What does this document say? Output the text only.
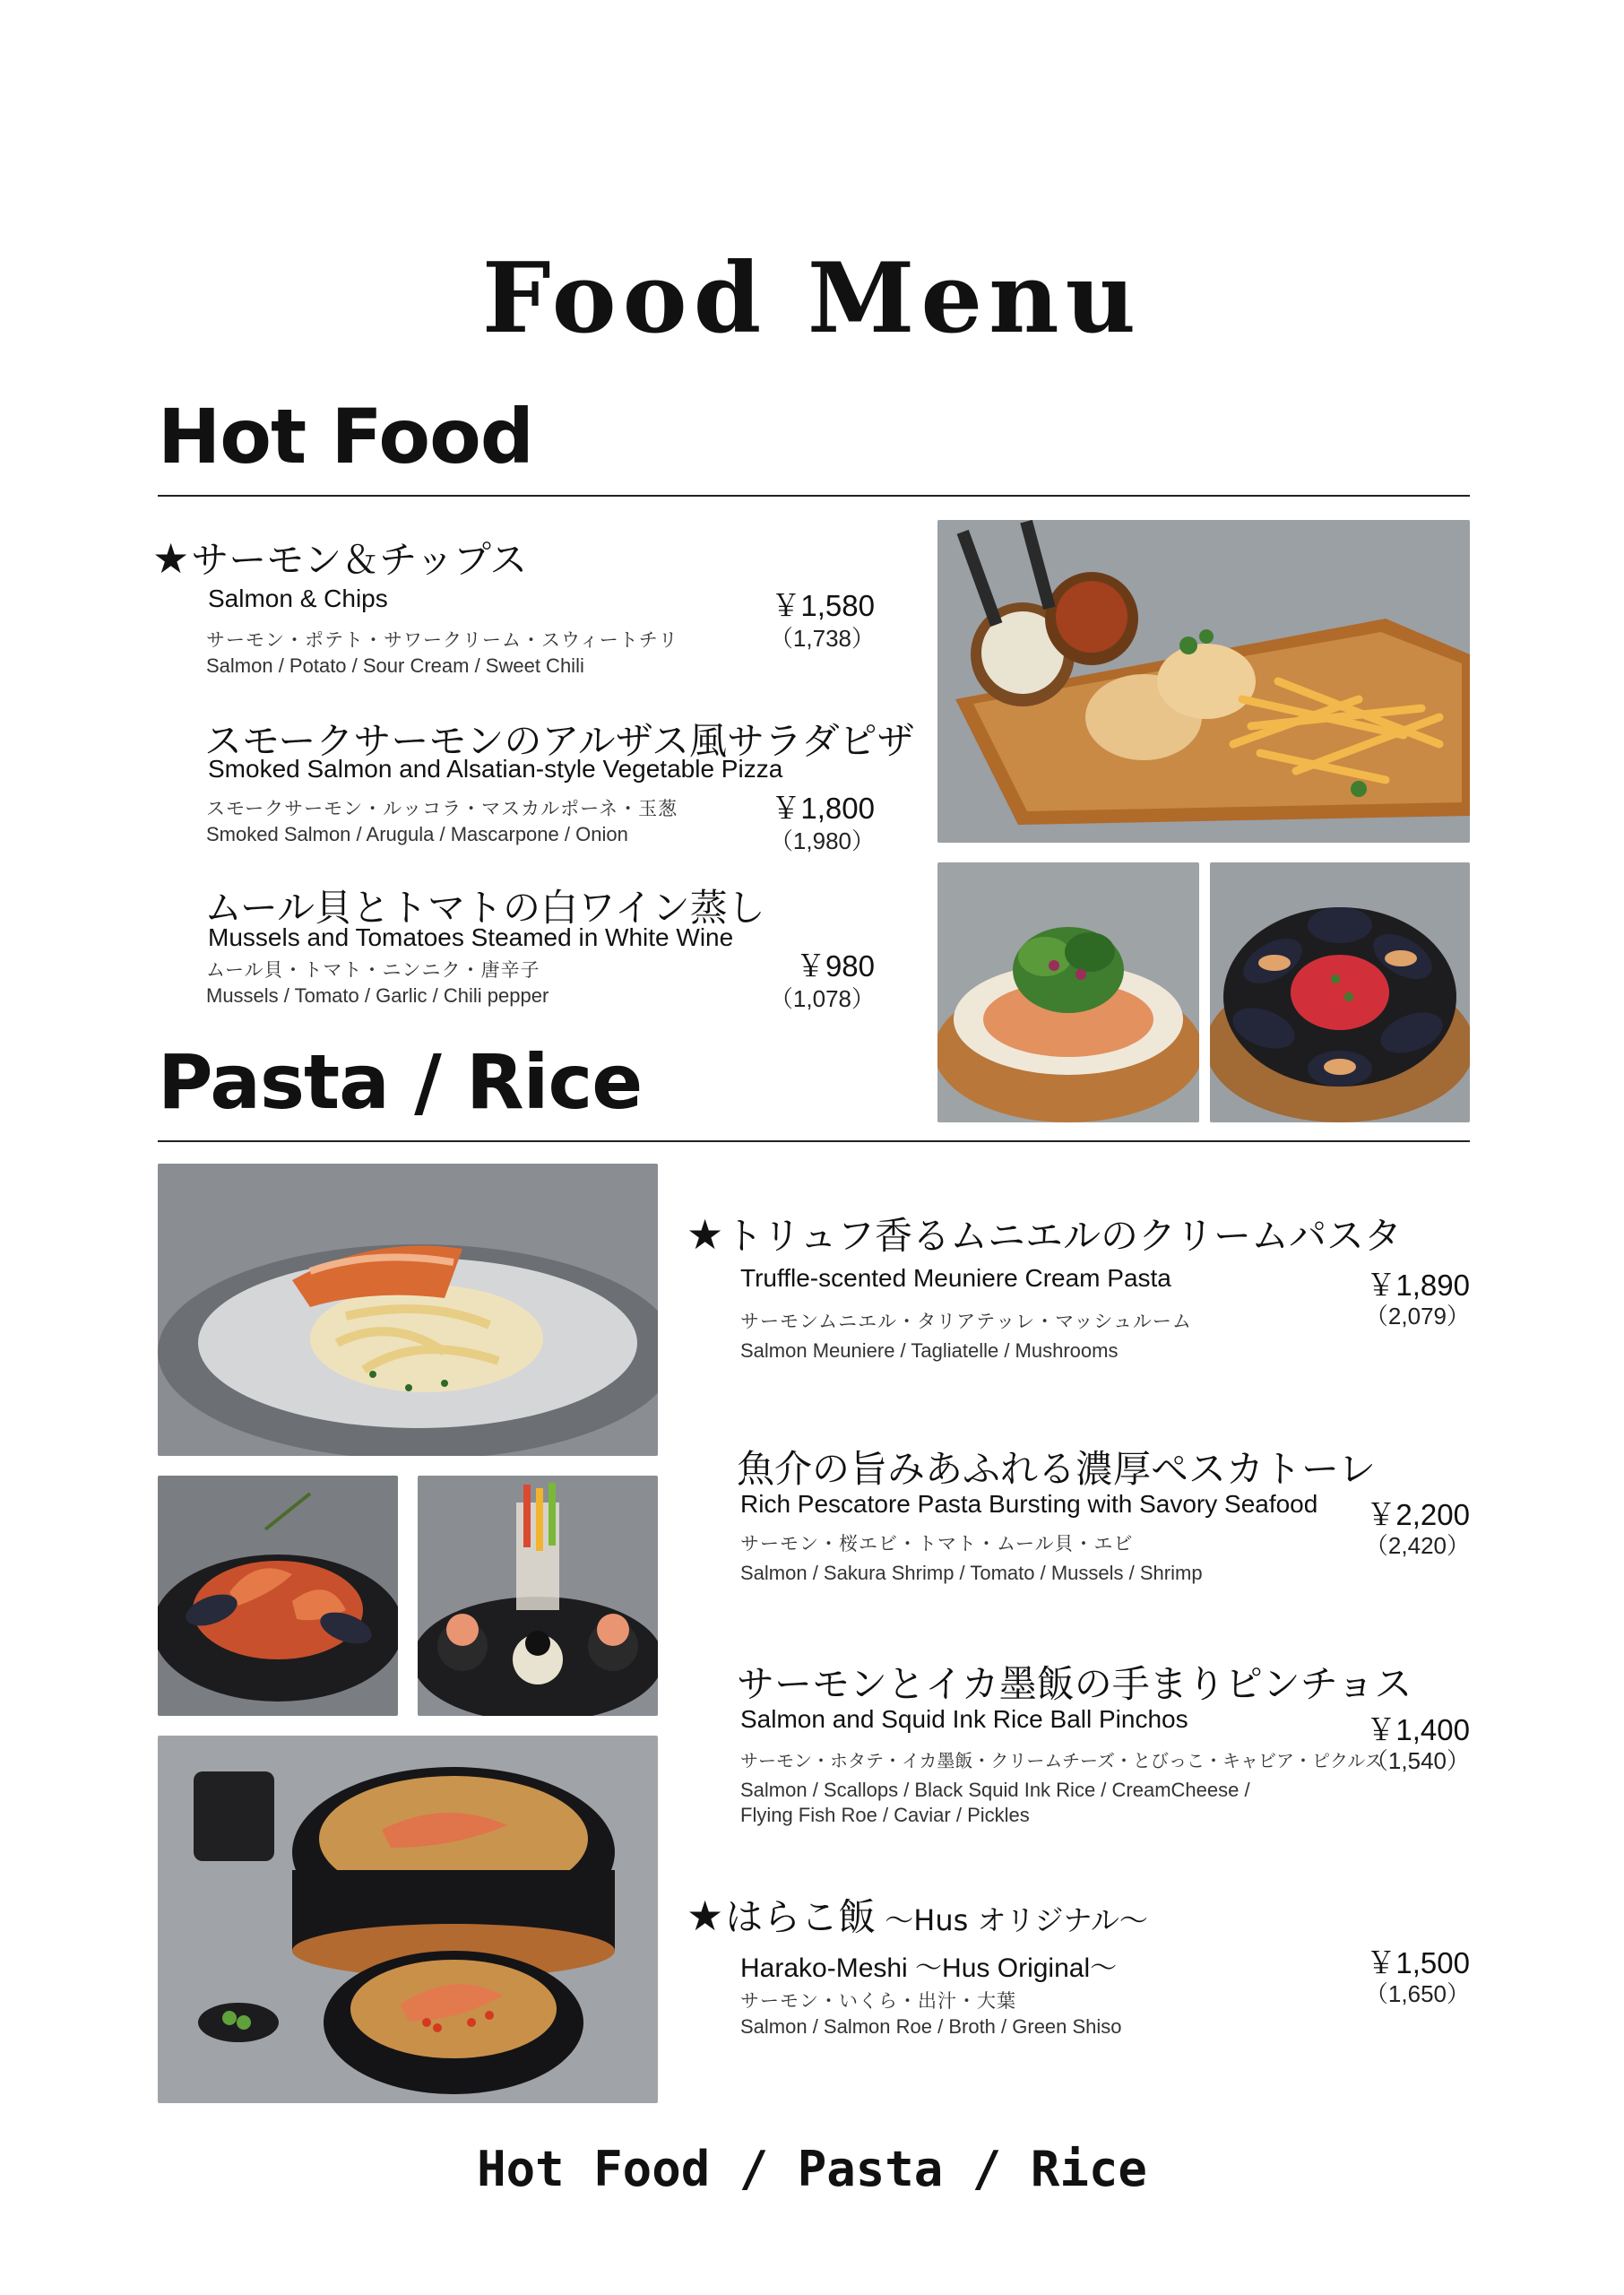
Food Menu
Hot Food
★サーモン＆チップス
Salmon & Chips
サーモン・ポテト・サワークリーム・スウィートチリ
Salmon / Potato / Sour Cream / Sweet Chili
￥1,580
（1,738）
スモークサーモンのアルザス風サラダピザ
Smoked Salmon and Alsatian-style Vegetable Pizza
スモークサーモン・ルッコラ・マスカルポーネ・玉葱
Smoked Salmon / Arugula / Mascarpone / Onion
￥1,800
（1,980）
ムール貝とトマトの白ワイン蒸し
Mussels and Tomatoes Steamed in White Wine
ムール貝・トマト・ニンニク・唐辛子
Mussels / Tomato / Garlic / Chili pepper
￥980
（1,078）
Pasta / Rice
★トリュフ香るムニエルのクリームパスタ
Truffle-scented Meuniere Cream Pasta
サーモンムニエル・タリアテッレ・マッシュルーム
Salmon Meuniere / Tagliatelle / Mushrooms
￥1,890
（2,079）
魚介の旨みあふれる濃厚ペスカトーレ
Rich Pescatore Pasta Bursting with Savory Seafood
サーモン・桜エビ・トマト・ムール貝・エビ
Salmon / Sakura Shrimp / Tomato / Mussels / Shrimp
￥2,200
（2,420）
サーモンとイカ墨飯の手まりピンチョス
Salmon and Squid Ink Rice Ball Pinchos
サーモン・ホタテ・イカ墨飯・クリームチーズ・とびっこ・キャビア・ピクルス
Salmon / Scallops / Black Squid Ink Rice / CreamCheese /
Flying Fish Roe / Caviar / Pickles
￥1,400
（1,540）
★はらこ飯 ～Hus オリジナル～
Harako-Meshi ～Hus Original～
サーモン・いくら・出汁・大葉
Salmon / Salmon Roe / Broth / Green Shiso
￥1,500
（1,650）
Hot Food / Pasta / Rice
